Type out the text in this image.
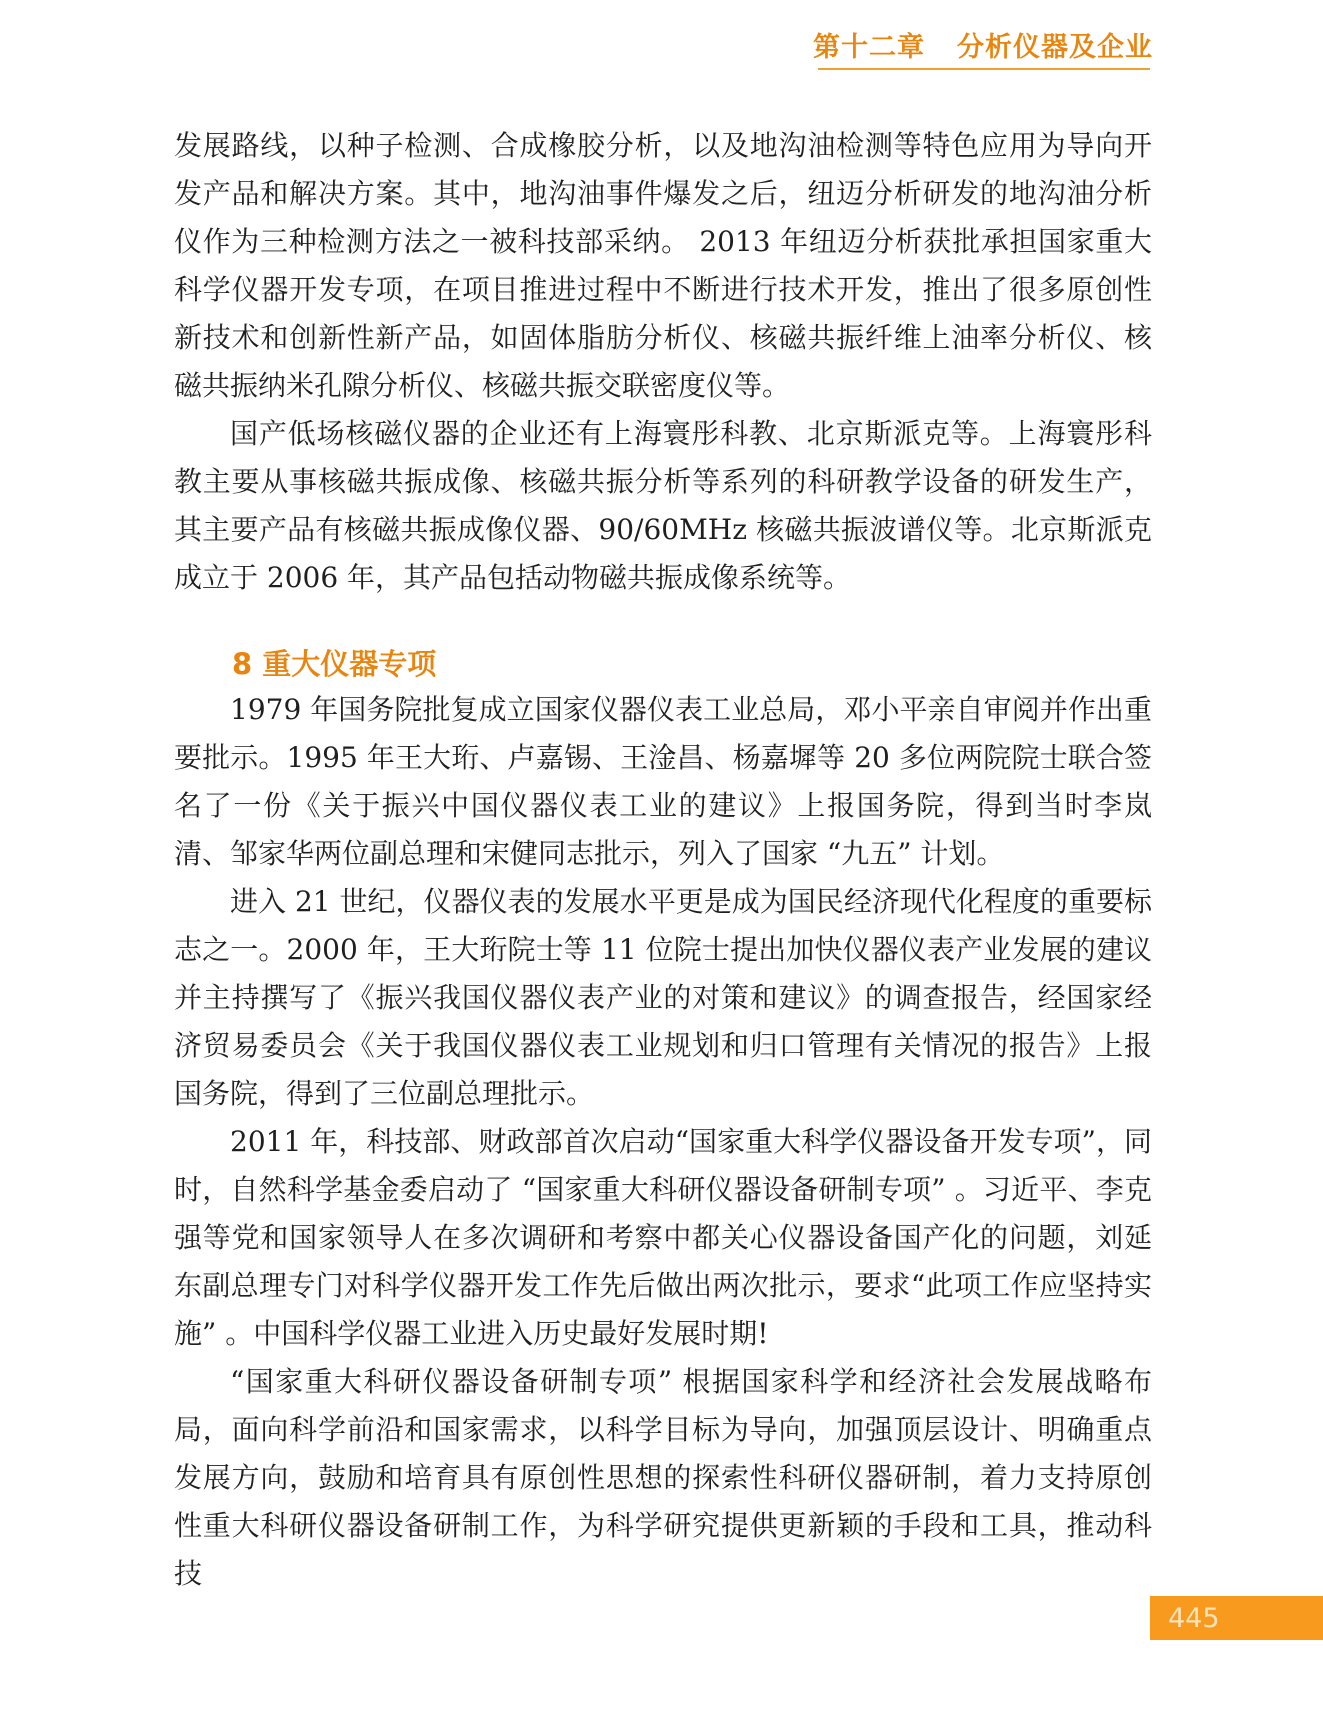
第十二章 分析仪器及企业

发展路线，以种子检测、合成橡胶分析，以及地沟油检测等特色应用为导向开发产品和解决方案。其中，地沟油事件爆发之后，纽迈分析研发的地沟油分析仪作为三种检测方法之一被科技部采纳。 2013 年纽迈分析获批承担国家重大科学仪器开发专项，在项目推进过程中不断进行技术开发，推出了很多原创性新技术和创新性新产品，如固体脂肪分析仪、核磁共振纤维上油率分析仪、核磁共振纳米孔隙分析仪、核磁共振交联密度仪等。

国产低场核磁仪器的企业还有上海寰彤科教、北京斯派克等。上海寰彤科教主要从事核磁共振成像、核磁共振分析等系列的科研教学设备的研发生产，其主要产品有核磁共振成像仪器、90/60MHz 核磁共振波谱仪等。北京斯派克成立于 2006 年，其产品包括动物磁共振成像系统等。

8 重大仪器专项

1979 年国务院批复成立国家仪器仪表工业总局，邓小平亲自审阅并作出重要批示。1995 年王大珩、卢嘉锡、王淦昌、杨嘉墀等 20 多位两院院士联合签名了一份《关于振兴中国仪器仪表工业的建议》上报国务院，得到当时李岚清、邹家华两位副总理和宋健同志批示，列入了国家 “九五” 计划。

进入 21 世纪，仪器仪表的发展水平更是成为国民经济现代化程度的重要标志之一。2000 年，王大珩院士等 11 位院士提出加快仪器仪表产业发展的建议并主持撰写了《振兴我国仪器仪表产业的对策和建议》的调查报告，经国家经济贸易委员会《关于我国仪器仪表工业规划和归口管理有关情况的报告》上报国务院，得到了三位副总理批示。

2011 年，科技部、财政部首次启动“国家重大科学仪器设备开发专项”，同时，自然科学基金委启动了 “国家重大科研仪器设备研制专项” 。习近平、李克强等党和国家领导人在多次调研和考察中都关心仪器设备国产化的问题，刘延东副总理专门对科学仪器开发工作先后做出两次批示，要求“此项工作应坚持实施” 。中国科学仪器工业进入历史最好发展时期!

“国家重大科研仪器设备研制专项” 根据国家科学和经济社会发展战略布局，面向科学前沿和国家需求，以科学目标为导向，加强顶层设计、明确重点发展方向，鼓励和培育具有原创性思想的探索性科研仪器研制，着力支持原创性重大科研仪器设备研制工作，为科学研究提供更新颖的手段和工具，推动科技

445
